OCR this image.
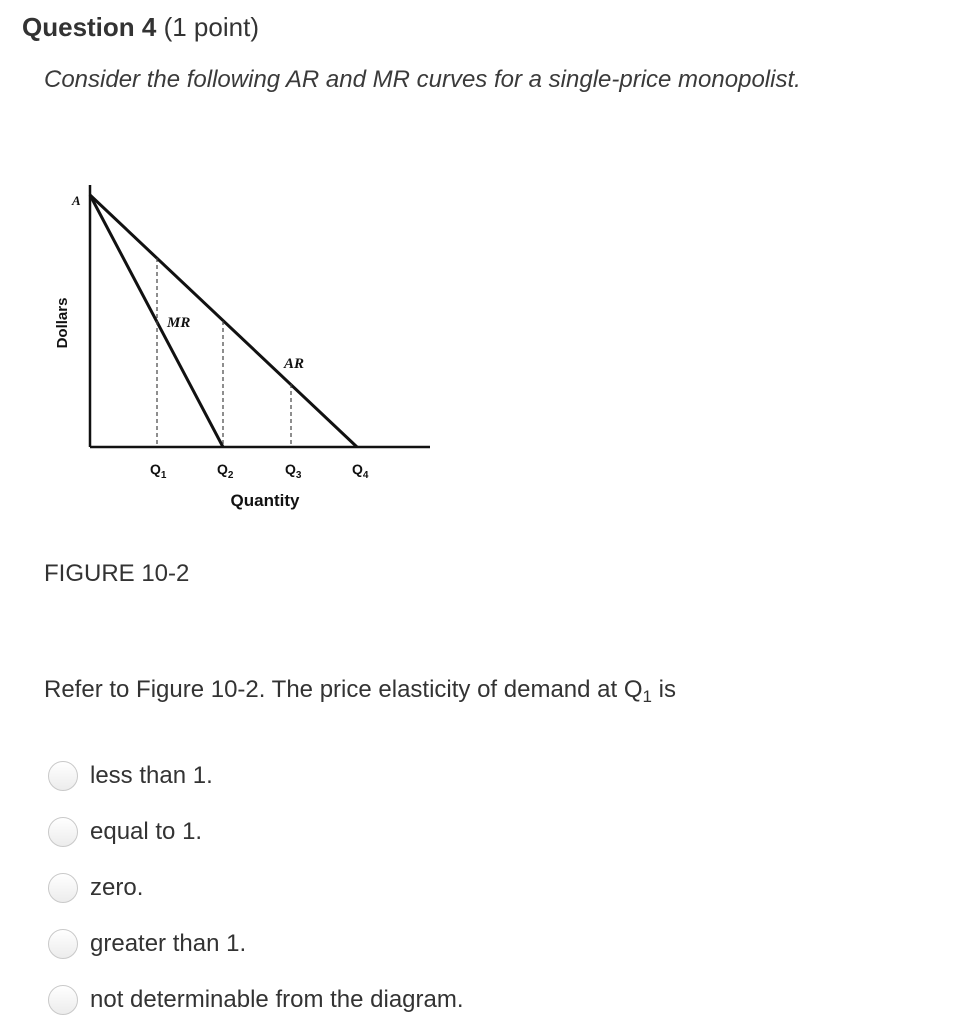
Question 4 (1 point)
Consider the following AR and MR curves for a single-price monopolist.
A
MR
AR
Dollars
Quantity
$Q_1$	$Q_2$	$Q_3$	$Q_4$
FIGURE 10-2
Refer to Figure 10-2. The price elasticity of demand at $Q_1$ is
less than 1.
equal to 1.
zero.
greater than 1.
not determinable from the diagram.
